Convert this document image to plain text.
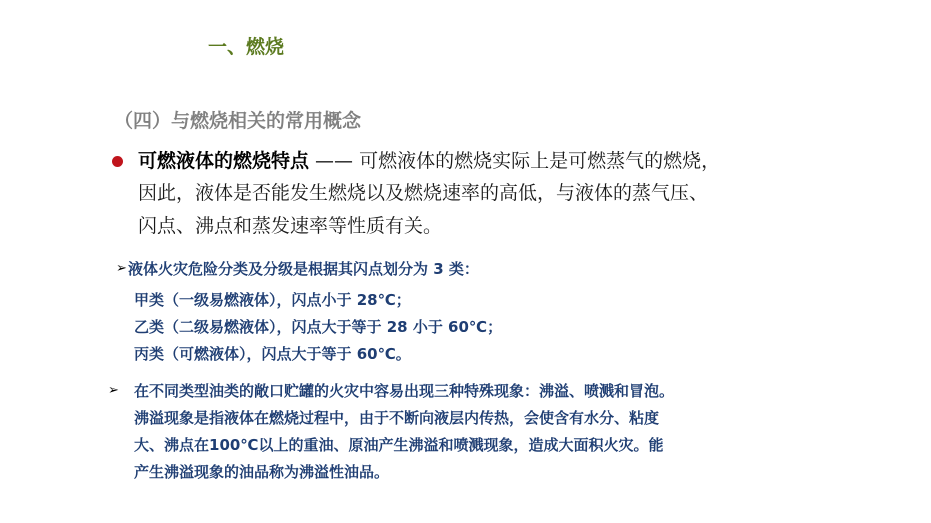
一、燃烧
（四）与燃烧相关的常用概念
可燃液体的燃烧特点 —— 可燃液体的燃烧实际上是可燃蒸气的燃烧，
因此，液体是否能发生燃烧以及燃烧速率的高低，与液体的蒸气压、
闪点、沸点和蒸发速率等性质有关。
➢ 液体火灾危险分类及分级是根据其闪点划分为 3 类：
甲类（一级易燃液体），闪点小于 28℃；
乙类（二级易燃液体），闪点大于等于 28 小于 60℃；
丙类（可燃液体），闪点大于等于 60℃。
➢ 在不同类型油类的敞口贮罐的火灾中容易出现三种特殊现象：沸溢、喷溅和冒泡。
沸溢现象是指液体在燃烧过程中，由于不断向液层内传热，会使含有水分、粘度
大、沸点在100℃以上的重油、原油产生沸溢和喷溅现象，造成大面积火灾。能
产生沸溢现象的油品称为沸溢性油品。
